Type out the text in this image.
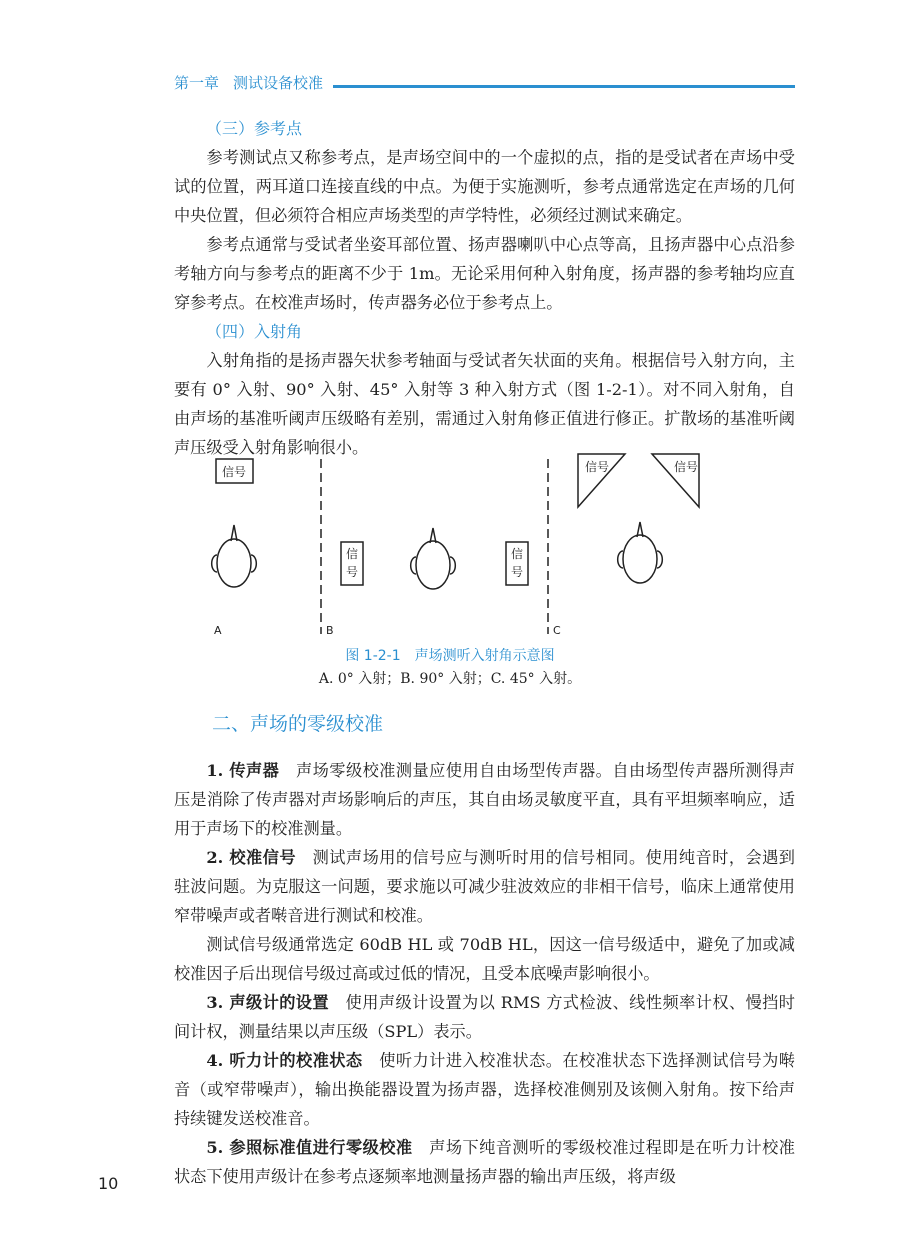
第一章 测试设备校准

（三）参考点

参考测试点又称参考点，是声场空间中的一个虚拟的点，指的是受试者在声场中受试的位置，两耳道口连接直线的中点。为便于实施测听，参考点通常选定在声场的几何中央位置，但必须符合相应声场类型的声学特性，必须经过测试来确定。

参考点通常与受试者坐姿耳部位置、扬声器喇叭中心点等高，且扬声器中心点沿参考轴方向与参考点的距离不少于 1m。无论采用何种入射角度，扬声器的参考轴均应直穿参考点。在校准声场时，传声器务必位于参考点上。

（四）入射角

入射角指的是扬声器矢状参考轴面与受试者矢状面的夹角。根据信号入射方向，主要有 0° 入射、90° 入射、45° 入射等 3 种入射方式（图 1-2-1）。对不同入射角，自由声场的基准听阈声压级略有差别，需通过入射角修正值进行修正。扩散场的基准听阈声压级受入射角影响很小。

信号
A
信
号
信
号
B
信号	信号
C
图 1-2-1　声场测听入射角示意图
A. 0° 入射；B. 90° 入射；C. 45° 入射。

二、声场的零级校准

1. 传声器　声场零级校准测量应使用自由场型传声器。自由场型传声器所测得声压是消除了传声器对声场影响后的声压，其自由场灵敏度平直，具有平坦频率响应，适用于声场下的校准测量。

2. 校准信号　测试声场用的信号应与测听时用的信号相同。使用纯音时，会遇到驻波问题。为克服这一问题，要求施以可减少驻波效应的非相干信号，临床上通常使用窄带噪声或者啭音进行测试和校准。

测试信号级通常选定 60dB HL 或 70dB HL，因这一信号级适中，避免了加或减校准因子后出现信号级过高或过低的情况，且受本底噪声影响很小。

3. 声级计的设置　使用声级计设置为以 RMS 方式检波、线性频率计权、慢挡时间计权，测量结果以声压级（SPL）表示。

4. 听力计的校准状态　使听力计进入校准状态。在校准状态下选择测试信号为啭音（或窄带噪声），输出换能器设置为扬声器，选择校准侧别及该侧入射角。按下给声持续键发送校准音。

5. 参照标准值进行零级校准　声场下纯音测听的零级校准过程即是在听力计校准状态下使用声级计在参考点逐频率地测量扬声器的输出声压级，将声级

10
